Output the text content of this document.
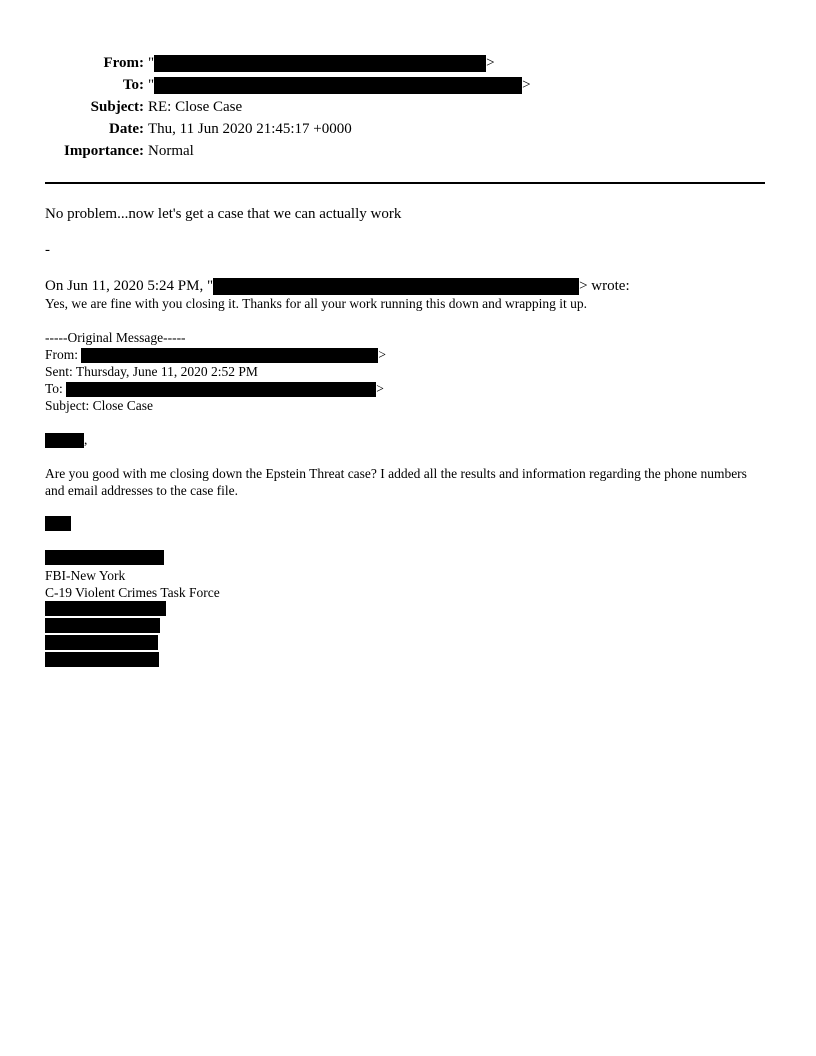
From: "	>
To: "	>
Subject: RE: Close Case
Date: Thu, 11 Jun 2020 21:45:17 +0000
Importance: Normal
No problem...now let's get a case that we can actually work
-
On Jun 11, 2020 5:24 PM, "	> wrote:
Yes, we are fine with you closing it. Thanks for all your work running this down and wrapping it up.
-----Original Message-----
From:	>
Sent: Thursday, June 11, 2020 2:52 PM
To:	>
Subject: Close Case
,
Are you good with me closing down the Epstein Threat case? I added all the results and information regarding the phone numbers and email addresses to the case file.
FBI-New York
C-19 Violent Crimes Task Force
